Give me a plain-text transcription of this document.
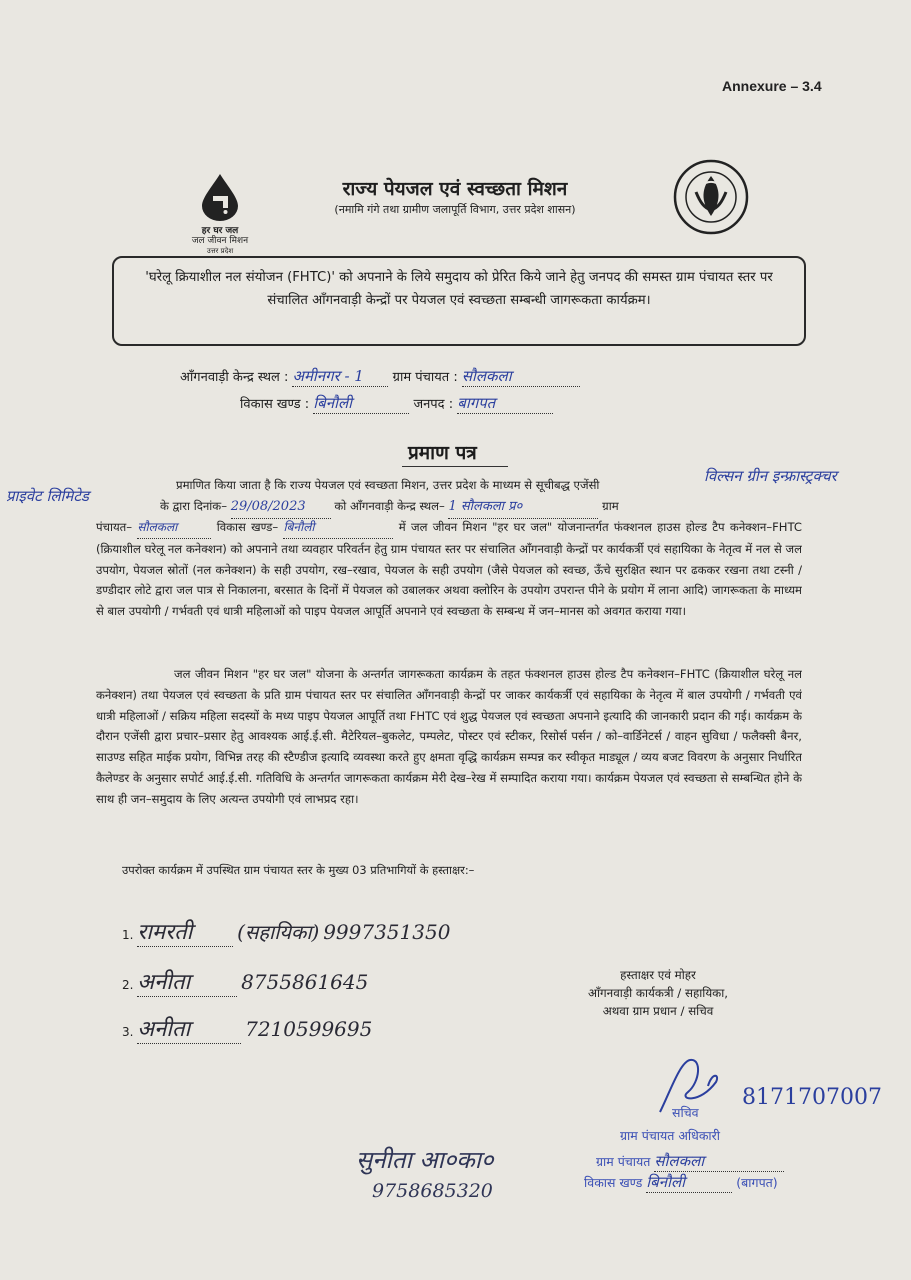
Annexure – 3.4
हर घर जल
जल जीवन मिशन
उत्तर प्रदेश
राज्य पेयजल एवं स्वच्छता मिशन
(नमामि गंगे तथा ग्रामीण जलापूर्ति विभाग, उत्तर प्रदेश शासन)

'घरेलू क्रियाशील नल संयोजन (FHTC)' को अपनाने के लिये समुदाय को प्रेरित किये जाने हेतु जनपद की समस्त ग्राम पंचायत स्तर पर संचालित आँगनवाड़ी केन्द्रों पर पेयजल एवं स्वच्छता सम्बन्धी जागरूकता कार्यक्रम।

आँगनवाड़ी केन्द्र स्थल : अमीनगर - 1 ग्राम पंचायत : सौलकला
विकास खण्ड : बिनौली	जनपद : बागपत
प्रमाण पत्र
विल्सन ग्रीन इन्फ्रास्ट्रक्चर
प्राइवेट लिमिटेड

प्रमाणित किया जाता है कि राज्य पेयजल एवं स्वच्छता मिशन, उत्तर प्रदेश के माध्यम से सूचीबद्ध एजेंसी

के द्वारा दिनांक– 29/08/2023 को आँगनवाड़ी केन्द्र स्थल– 1 सौलकला प्र०	ग्राम
पंचायत– सौलकला	विकास खण्ड– बिनौली	में जल जीवन मिशन "हर घर जल" योजनान्तर्गत फंक्शनल हाउस होल्ड टैप कनेक्शन–FHTC (क्रियाशील घरेलू नल कनेक्शन) को अपनाने तथा व्यवहार परिवर्तन हेतु ग्राम पंचायत स्तर पर संचालित आँगनवाड़ी केन्द्रों पर कार्यकर्त्री एवं सहायिका के नेतृत्व में नल से जल उपयोग, पेयजल स्रोतों (नल कनेक्शन) के सही उपयोग, रख–रखाव, पेयजल के सही उपयोग (जैसे पेयजल को स्वच्छ, ऊँचे सुरक्षित स्थान पर ढककर रखना तथा टस्नी / डण्डीदार लोटे द्वारा जल पात्र से निकालना, बरसात के दिनों में पेयजल को उबालकर अथवा क्लोरिन के उपयोग उपरान्त पीने के प्रयोग में लाना आदि) जागरूकता के माध्यम से बाल उपयोगी / गर्भवती एवं धात्री महिलाओं को पाइप पेयजल आपूर्ति अपनाने एवं स्वच्छता के सम्बन्ध में जन–मानस को अवगत कराया गया।

जल जीवन मिशन "हर घर जल" योजना के अन्तर्गत जागरूकता कार्यक्रम के तहत फंक्शनल हाउस होल्ड टैप कनेक्शन–FHTC (क्रियाशील घरेलू नल कनेक्शन) तथा पेयजल एवं स्वच्छता के प्रति ग्राम पंचायत स्तर पर संचालित आँगनवाड़ी केन्द्रों पर जाकर कार्यकर्त्री एवं सहायिका के नेतृत्व में बाल उपयोगी / गर्भवती एवं धात्री महिलाओं / सक्रिय महिला सदस्यों के मध्य पाइप पेयजल आपूर्ति तथा FHTC एवं शुद्ध पेयजल एवं स्वच्छता अपनाने इत्यादि की जानकारी प्रदान की गई। कार्यक्रम के दौरान एजेंसी द्वारा प्रचार–प्रसार हेतु आवश्यक आई.ई.सी. मैटेरियल–बुकलेट, पम्पलेट, पोस्टर एवं स्टीकर, रिसोर्स पर्सन / को–वार्डिनेटर्स / वाहन सुविधा / फलैक्सी बैनर, साउण्ड सहित माईक प्रयोग, विभिन्न तरह की स्टैण्डीज इत्यादि व्यवस्था करते हुए क्षमता वृद्धि कार्यक्रम सम्पन्न कर स्वीकृत माड्यूल / व्यय बजट विवरण के अनुसार निर्धारित कैलेण्डर के अनुसार सपोर्ट आई.ई.सी. गतिविधि के अन्तर्गत जागरूकता कार्यक्रम मेरी देख–रेख में सम्पादित कराया गया। कार्यक्रम पेयजल एवं स्वच्छता से सम्बन्धित होने के साथ ही जन–समुदाय के लिए अत्यन्त उपयोगी एवं लाभप्रद रहा।

उपरोक्त कार्यक्रम में उपस्थित ग्राम पंचायत स्तर के मुख्य 03 प्रतिभागियों के हस्ताक्षर:–

1. रामरती (सहायिका) 9997351350
2. अनीता	8755861645
3. अनीता	7210599695
हस्ताक्षर एवं मोहर
आँगनवाड़ी कार्यकत्री / सहायिका,
अथवा ग्राम प्रधान / सचिव
सचिव
8171707007
ग्राम पंचायत अधिकारी
ग्राम पंचायत सौलकला
विकास खण्ड बिनौली	(बागपत)
सुनीता आ०का०
9758685320
